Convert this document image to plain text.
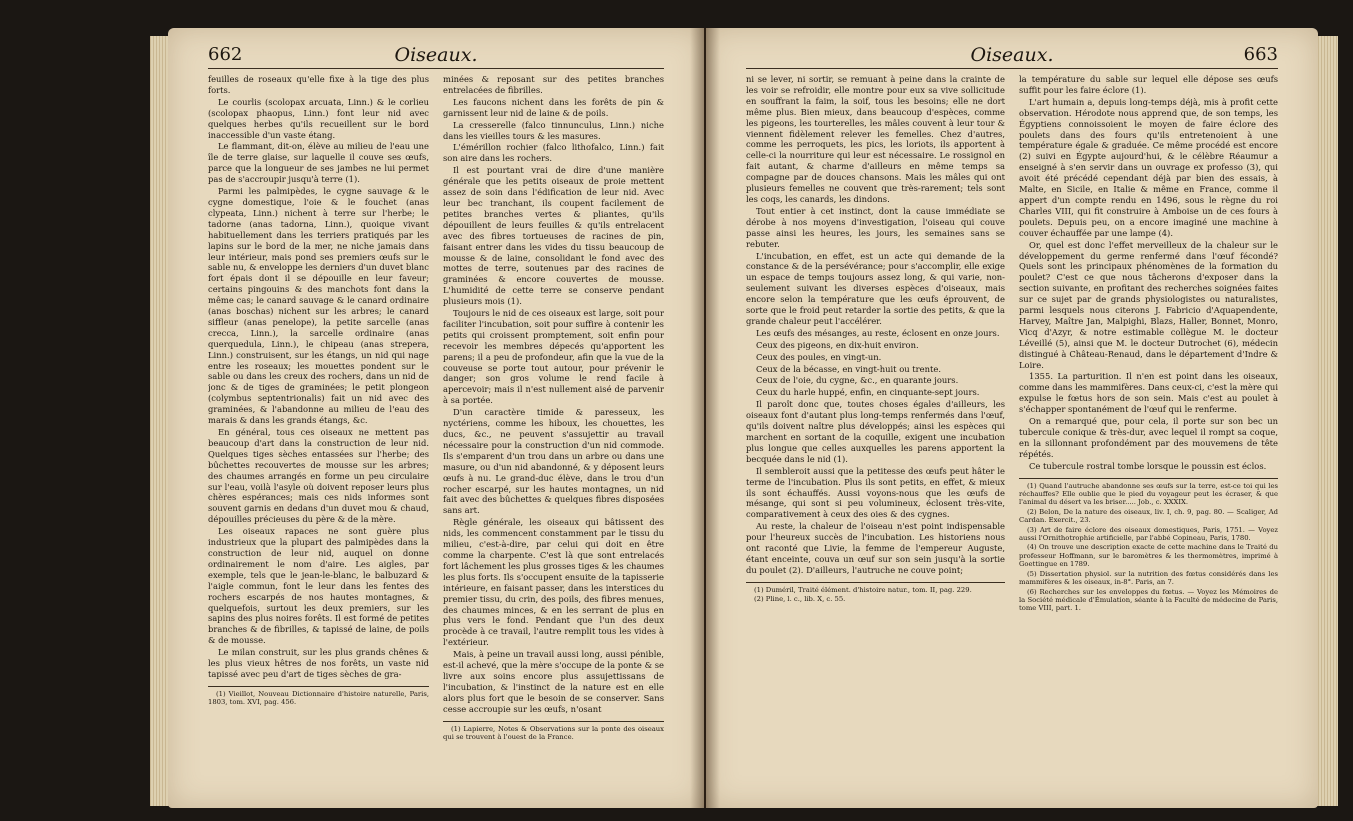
662	Oiseaux.

feuilles de roseaux qu'elle fixe à la tige des plus forts.

Le courlis (scolopax arcuata, Linn.) & le corlieu (scolopax phaopus, Linn.) font leur nid avec quelques herbes qu'ils recueillent sur le bord inaccessible d'un vaste étang.

Le flammant, dit-on, élève au milieu de l'eau une île de terre glaise, sur laquelle il couve ses œufs, parce que la longueur de ses jambes ne lui permet pas de s'accroupir jusqu'à terre (1).

Parmi les palmipèdes, le cygne sauvage & le cygne domestique, l'oie & le fouchet (anas clypeata, Linn.) nichent à terre sur l'herbe; le tadorne (anas tadorna, Linn.), quoique vivant habituellement dans les terriers pratiqués par les lapins sur le bord de la mer, ne niche jamais dans leur intérieur, mais pond ses premiers œufs sur le sable nu, & enveloppe les derniers d'un duvet blanc fort épais dont il se dépouille en leur faveur; certains pingouins & des manchots font dans la même cas; le canard sauvage & le canard ordinaire (anas boschas) nichent sur les arbres; le canard siffleur (anas penelope), la petite sarcelle (anas crecca, Linn.), la sarcelle ordinaire (anas querquedula, Linn.), le chipeau (anas strepera, Linn.) construisent, sur les étangs, un nid qui nage entre les roseaux; les mouettes pondent sur le sable ou dans les creux des rochers, dans un nid de jonc & de tiges de graminées; le petit plongeon (colymbus septentrionalis) fait un nid avec des graminées, & l'abandonne au milieu de l'eau des marais & dans les grands étangs, &c.

En général, tous ces oiseaux ne mettent pas beaucoup d'art dans la construction de leur nid. Quelques tiges sèches entassées sur l'herbe; des bûchettes recouvertes de mousse sur les arbres; des chaumes arrangés en forme un peu circulaire sur l'eau, voilà l'asyle où doivent reposer leurs plus chères espérances; mais ces nids informes sont souvent garnis en dedans d'un duvet mou & chaud, dépouilles précieuses du père & de la mère.

Les oiseaux rapaces ne sont guère plus industrieux que la plupart des palmipèdes dans la construction de leur nid, auquel on donne ordinairement le nom d'aire. Les aigles, par exemple, tels que le jean-le-blanc, le balbuzard & l'aigle commun, font le leur dans les fentes des rochers escarpés de nos hautes montagnes, & quelquefois, surtout les deux premiers, sur les sapins des plus noires forêts. Il est formé de petites branches & de fibrilles, & tapissé de laine, de poils & de mousse.

Le milan construit, sur les plus grands chênes & les plus vieux hêtres de nos forêts, un vaste nid tapissé avec peu d'art de tiges sèches de gra-

(1) Vieillot, Nouveau Dictionnaire d'histoire naturelle, Paris, 1803, tom. XVI, pag. 456.

minées & reposant sur des petites branches entrelacées de fibrilles.

Les faucons nichent dans les forêts de pin & garnissent leur nid de laine & de poils.

La cresserelle (falco tinnunculus, Linn.) niche dans les vieilles tours & les masures.

L'émérillon rochier (falco lithofalco, Linn.) fait son aire dans les rochers.

Il est pourtant vrai de dire d'une manière générale que les petits oiseaux de proie mettent assez de soin dans l'édification de leur nid. Avec leur bec tranchant, ils coupent facilement de petites branches vertes & pliantes, qu'ils dépouillent de leurs feuilles & qu'ils entrelacent avec des fibres tortueuses de racines de pin, faisant entrer dans les vides du tissu beaucoup de mousse & de laine, consolidant le fond avec des mottes de terre, soutenues par des racines de graminées & encore couvertes de mousse. L'humidité de cette terre se conserve pendant plusieurs mois (1).

Toujours le nid de ces oiseaux est large, soit pour faciliter l'incubation, soit pour suffire à contenir les petits qui croissent promptement, soit enfin pour recevoir les membres dépecés qu'apportent les parens; il a peu de profondeur, afin que la vue de la couveuse se porte tout autour, pour prévenir le danger; son gros volume le rend facile à apercevoir; mais il n'est nullement aisé de parvenir à sa portée.

D'un caractère timide & paresseux, les nyctériens, comme les hiboux, les chouettes, les ducs, &c., ne peuvent s'assujettir au travail nécessaire pour la construction d'un nid commode. Ils s'emparent d'un trou dans un arbre ou dans une masure, ou d'un nid abandonné, & y déposent leurs œufs à nu. Le grand-duc élève, dans le trou d'un rocher escarpé, sur les hautes montagnes, un nid fait avec des bûchettes & quelques fibres disposées sans art.

Règle générale, les oiseaux qui bâtissent des nids, les commencent constamment par le tissu du milieu, c'est-à-dire, par celui qui doit en être comme la charpente. C'est là que sont entrelacés fort lâchement les plus grosses tiges & les chaumes les plus forts. Ils s'occupent ensuite de la tapisserie intérieure, en faisant passer, dans les interstices du premier tissu, du crin, des poils, des fibres menues, des chaumes minces, & en les serrant de plus en plus vers le fond. Pendant que l'un des deux procède à ce travail, l'autre remplit tous les vides à l'extérieur.

Mais, à peine un travail aussi long, aussi pénible, est-il achevé, que la mère s'occupe de la ponte & se livre aux soins encore plus assujettissans de l'incubation, & l'instinct de la nature est en elle alors plus fort que le besoin de se conserver. Sans cesse accroupie sur les œufs, n'osant

(1) Lapierre, Notes & Observations sur la ponte des oiseaux qui se trouvent à l'ouest de la France.

Oiseaux.	663

ni se lever, ni sortir, se remuant à peine dans la crainte de les voir se refroidir, elle montre pour eux sa vive sollicitude en souffrant la faim, la soif, tous les besoins; elle ne dort même plus. Bien mieux, dans beaucoup d'espèces, comme les pigeons, les tourterelles, les mâles couvent à leur tour & viennent fidèlement relever les femelles. Chez d'autres, comme les perroquets, les pics, les loriots, ils apportent à celle-ci la nourriture qui leur est nécessaire. Le rossignol en fait autant, & charme d'ailleurs en même temps sa compagne par de douces chansons. Mais les mâles qui ont plusieurs femelles ne couvent que très-rarement; tels sont les coqs, les canards, les dindons.

Tout entier à cet instinct, dont la cause immédiate se dérobe à nos moyens d'investigation, l'oiseau qui couve passe ainsi les heures, les jours, les semaines sans se rebuter.

L'incubation, en effet, est un acte qui demande de la constance & de la persévérance; pour s'accomplir, elle exige un espace de temps toujours assez long, & qui varie, non-seulement suivant les diverses espèces d'oiseaux, mais encore selon la température que les œufs éprouvent, de sorte que le froid peut retarder la sortie des petits, & que la grande chaleur peut l'accélérer.

Les œufs des mésanges, au reste, éclosent en onze jours.

Ceux des pigeons, en dix-huit environ.

Ceux des poules, en vingt-un.

Ceux de la bécasse, en vingt-huit ou trente.

Ceux de l'oie, du cygne, &c., en quarante jours.

Ceux du harle huppé, enfin, en cinquante-sept jours.

Il paroît donc que, toutes choses égales d'ailleurs, les oiseaux font d'autant plus long-temps renfermés dans l'œuf, qu'ils doivent naître plus développés; ainsi les espèces qui marchent en sortant de la coquille, exigent une incubation plus longue que celles auxquelles les parens apportent la becquée dans le nid (1).

Il sembleroit aussi que la petitesse des œufs peut hâter le terme de l'incubation. Plus ils sont petits, en effet, & mieux ils sont échauffés. Aussi voyons-nous que les œufs de mésange, qui sont si peu volumineux, éclosent très-vite, comparativement à ceux des oies & des cygnes.

Au reste, la chaleur de l'oiseau n'est point indispensable pour l'heureux succès de l'incubation. Les historiens nous ont raconté que Livie, la femme de l'empereur Auguste, étant enceinte, couva un œuf sur son sein jusqu'à la sortie du poulet (2). D'ailleurs, l'autruche ne couve point;

(1) Duméril, Traité élément. d'histoire natur., tom. II, pag. 229.

(2) Pline, l. c., lib. X, c. 55.

la température du sable sur lequel elle dépose ses œufs suffit pour les faire éclore (1).

L'art humain a, depuis long-temps déjà, mis à profit cette observation. Hérodote nous apprend que, de son temps, les Égyptiens connoissoient le moyen de faire éclore des poulets dans des fours qu'ils entretenoient à une température égale & graduée. Ce même procédé est encore (2) suivi en Égypte aujourd'hui, & le célèbre Réaumur a enseigné à s'en servir dans un ouvrage ex professo (3), qui avoit été précédé cependant déjà par bien des essais, à Malte, en Sicile, en Italie & même en France, comme il appert d'un compte rendu en 1496, sous le règne du roi Charles VIII, qui fit construire à Amboise un de ces fours à poulets. Depuis peu, on a encore imaginé une machine à couver échauffée par une lampe (4).

Or, quel est donc l'effet merveilleux de la chaleur sur le développement du germe renfermé dans l'œuf fécondé? Quels sont les principaux phénomènes de la formation du poulet? C'est ce que nous tâcherons d'exposer dans la section suivante, en profitant des recherches soignées faites sur ce sujet par de grands physiologistes ou naturalistes, parmi lesquels nous citerons J. Fabricio d'Aquapendente, Harvey, Maître Jan, Malpighi, Blazs, Haller, Bonnet, Monro, Vicq d'Azyr, & notre estimable collègue M. le docteur Léveillé (5), ainsi que M. le docteur Dutrochet (6), médecin distingué à Château-Renaud, dans le département d'Indre & Loire.

1355. La parturition. Il n'en est point dans les oiseaux, comme dans les mammifères. Dans ceux-ci, c'est la mère qui expulse le fœtus hors de son sein. Mais c'est au poulet à s'échapper spontanément de l'œuf qui le renferme.

On a remarqué que, pour cela, il porte sur son bec un tubercule conique & très-dur, avec lequel il rompt sa coque, en la sillonnant profondément par des mouvemens de tête répétés.

Ce tubercule rostral tombe lorsque le poussin est éclos.

(1) Quand l'autruche abandonne ses œufs sur la terre, est-ce toi qui les réchauffes? Elle oublie que le pied du voyageur peut les écraser, & que l'animal du désert va les briser..... Job., c. XXXIX.

(2) Belon, De la nature des oiseaux, liv. I, ch. 9, pag. 80. — Scaliger, Ad Cardan. Exercit., 23.

(3) Art de faire éclore des oiseaux domestiques, Paris, 1751. — Voyez aussi l'Ornithotrophie artificielle, par l'abbé Copineau, Paris, 1780.

(4) On trouve une description exacte de cette machine dans le Traité du professeur Hoffmann, sur le baromètres & les thermomètres, imprimé à Goettingue en 1789.

(5) Dissertation physiol. sur la nutrition des fœtus considérés dans les mammifères & les oiseaux, in-8°. Paris, an 7.

(6) Recherches sur les enveloppes du fœtus. — Voyez les Mémoires de la Société médicale d'Émulation, séante à la Faculté de médecine de Paris, tome VIII, part. 1.
